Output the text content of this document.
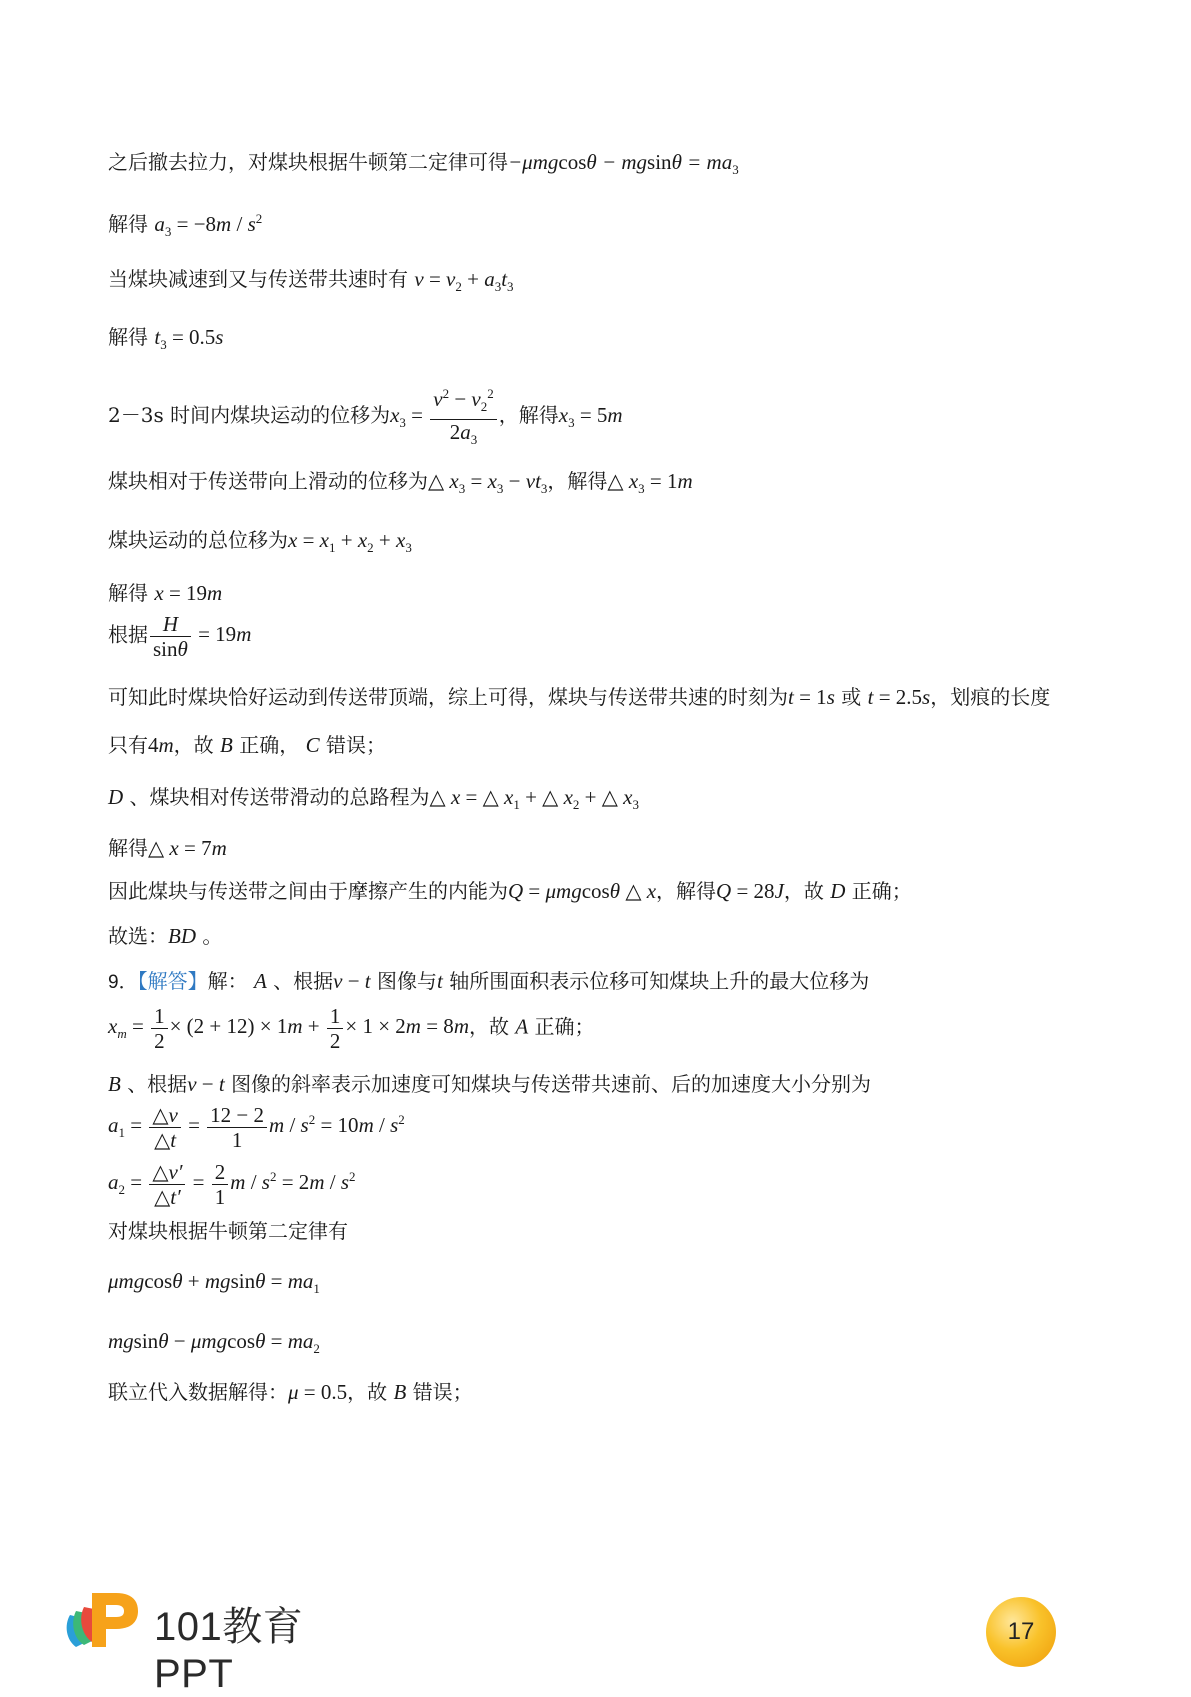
之后撤去拉力，对煤块根据牛顿第二定律可得$-\mu mgcos\theta - mgsin\theta = ma_3$
解得 $a_3 = -8m / s^2$
当煤块减速到又与传送带共速时有 $v = v_2 + a_3t_3$
解得 $t_3 = 0.5s$
2－3s 时间内煤块运动的位移为$x_3 = \frac{v^2 - v_2^2}{2a_3}$ ，解得$x_3 = 5m$
煤块相对于传送带向上滑动的位移为△ $x_3 = x_3 - vt_3$，解得△ $x_3 = 1m$
煤块运动的总位移为$x = x_1 + x_2 + x_3$
解得 x = 19m
根据 $\frac{H}{\sin\theta} = 19m$
可知此时煤块恰好运动到传送带顶端，综上可得，煤块与传送带共速的时刻为t = 1s 或 t = 2.5s，划痕的长度
只有4m，故 B 正确， C 错误；
D 、煤块相对传送带滑动的总路程为△ x = △ $x_1$ + △ $x_2$ + △ $x_3$
解得△ x = 7m
因此煤块与传送带之间由于摩擦产生的内能为Q = μmgcosθ △ x，解得Q = 28J，故 D 正确；
故选：BD 。
9．【解答】解： A 、根据v − t 图像与t 轴所围面积表示位移可知煤块上升的最大位移为
$x_m = \frac{1}{2} \times (2 + 12) \times 1m + \frac{1}{2} \times 1 \times 2m = 8m$，故 A 正确；
B 、根据v − t 图像的斜率表示加速度可知煤块与传送带共速前、后的加速度大小分别为
$a_1 = \frac{\triangle v}{\triangle t} = \frac{12 - 2}{1}$ $m / s^2 = 10m / s^2$
$a_2 = \frac{\triangle v'}{\triangle t'} = \frac{2}{1}$ $m / s^2 = 2m / s^2$
对煤块根据牛顿第二定律有
$\mu mgcos\theta + mgsin\theta = ma_1$
$mgsin\theta - \mu mgcos\theta = ma_2$
联立代入数据解得：μ = 0.5，故 B 错误；
101教育PPT
17
